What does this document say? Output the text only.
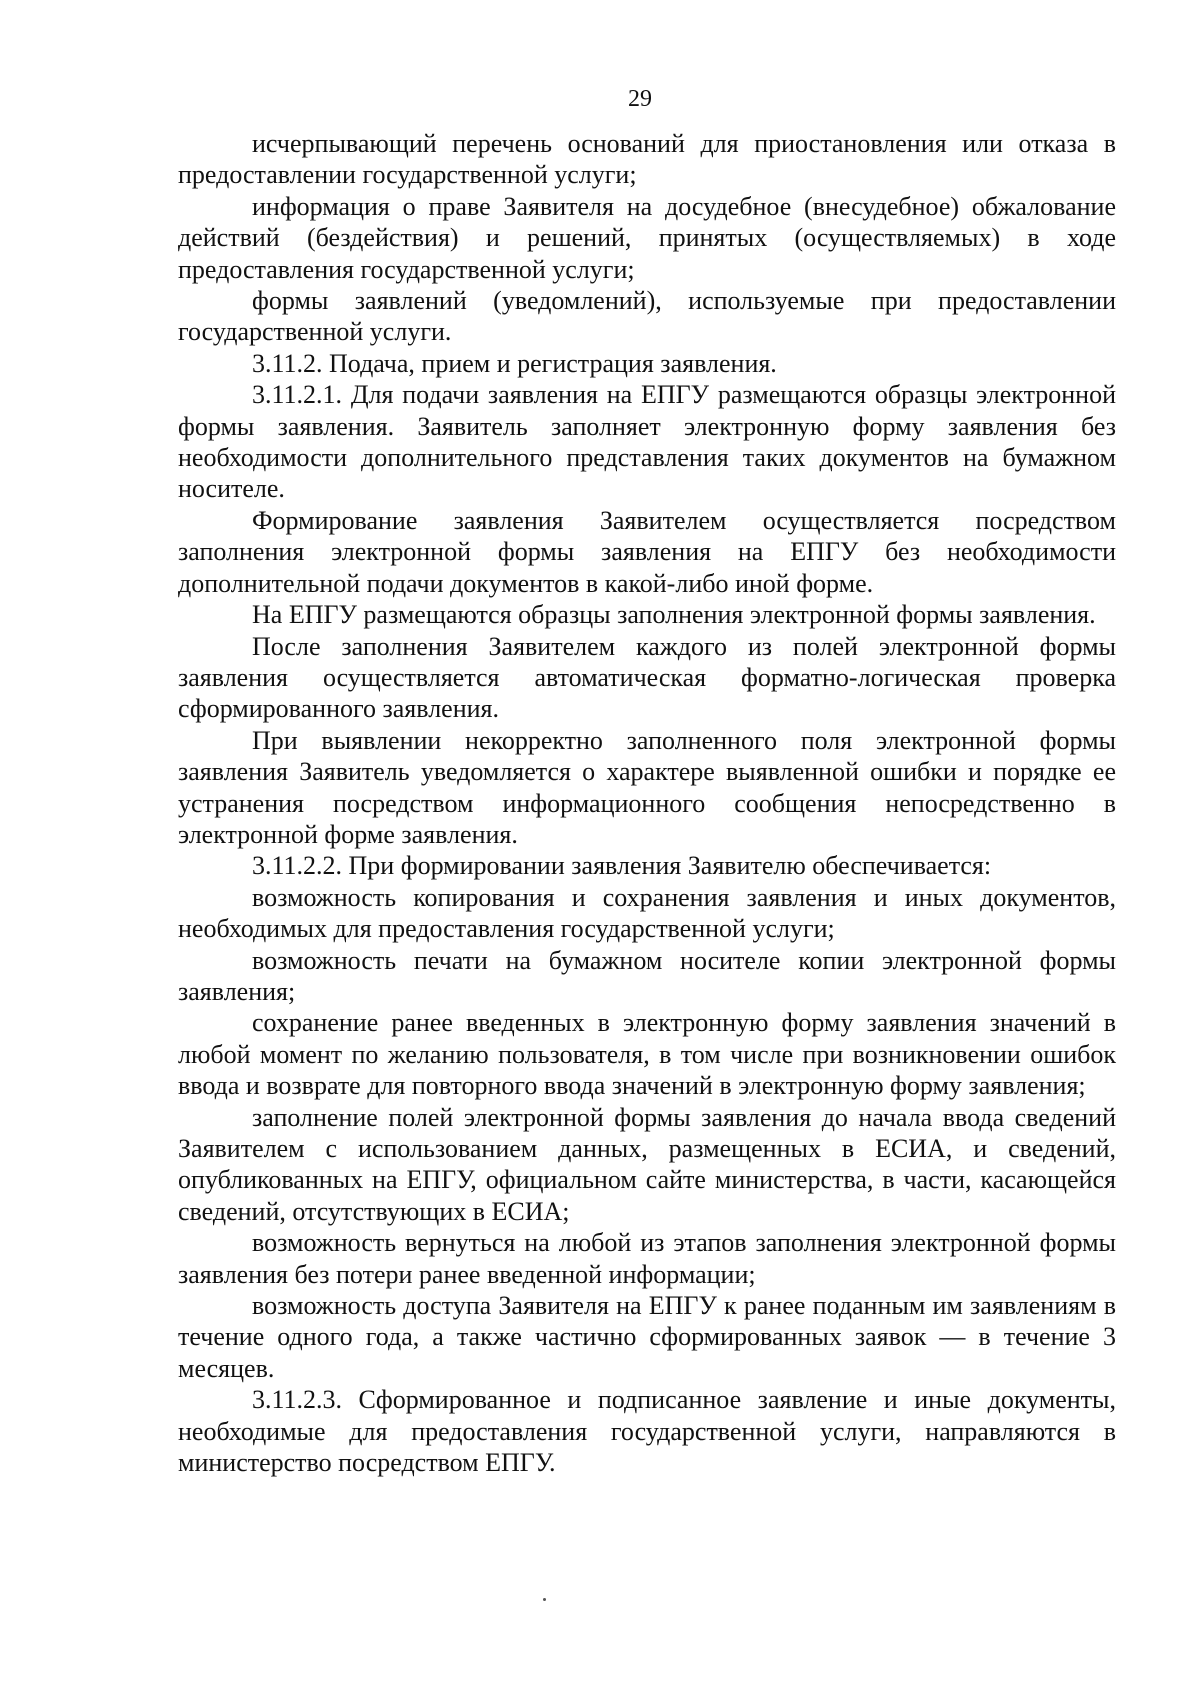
29

исчерпывающий перечень оснований для приостановления или отказа в предоставлении государственной услуги;

информация о праве Заявителя на досудебное (внесудебное) обжалование действий (бездействия) и решений, принятых (осуществляемых) в ходе предоставления государственной услуги;

формы заявлений (уведомлений), используемые при предоставлении государственной услуги.

3.11.2. Подача, прием и регистрация заявления.

3.11.2.1. Для подачи заявления на ЕПГУ размещаются образцы электронной формы заявления. Заявитель заполняет электронную форму заявления без необходимости дополнительного представления таких документов на бумажном носителе.

Формирование заявления Заявителем осуществляется посредством заполнения электронной формы заявления на ЕПГУ без необходимости дополнительной подачи документов в какой-либо иной форме.

На ЕПГУ размещаются образцы заполнения электронной формы заявления.

После заполнения Заявителем каждого из полей электронной формы заявления осуществляется автоматическая форматно-логическая проверка сформированного заявления.

При выявлении некорректно заполненного поля электронной формы заявления Заявитель уведомляется о характере выявленной ошибки и порядке ее устранения посредством информационного сообщения непосредственно в электронной форме заявления.

3.11.2.2. При формировании заявления Заявителю обеспечивается:

возможность копирования и сохранения заявления и иных документов, необходимых для предоставления государственной услуги;

возможность печати на бумажном носителе копии электронной формы заявления;

сохранение ранее введенных в электронную форму заявления значений в любой момент по желанию пользователя, в том числе при возникновении ошибок ввода и возврате для повторного ввода значений в электронную форму заявления;

заполнение полей электронной формы заявления до начала ввода сведений Заявителем с использованием данных, размещенных в ЕСИА, и сведений, опубликованных на ЕПГУ, официальном сайте министерства, в части, касающейся сведений, отсутствующих в ЕСИА;

возможность вернуться на любой из этапов заполнения электронной формы заявления без потери ранее введенной информации;

возможность доступа Заявителя на ЕПГУ к ранее поданным им заявлениям в течение одного года, а также частично сформированных заявок — в течение 3 месяцев.

3.11.2.3. Сформированное и подписанное заявление и иные документы, необходимые для предоставления государственной услуги, направляются в министерство посредством ЕПГУ.
